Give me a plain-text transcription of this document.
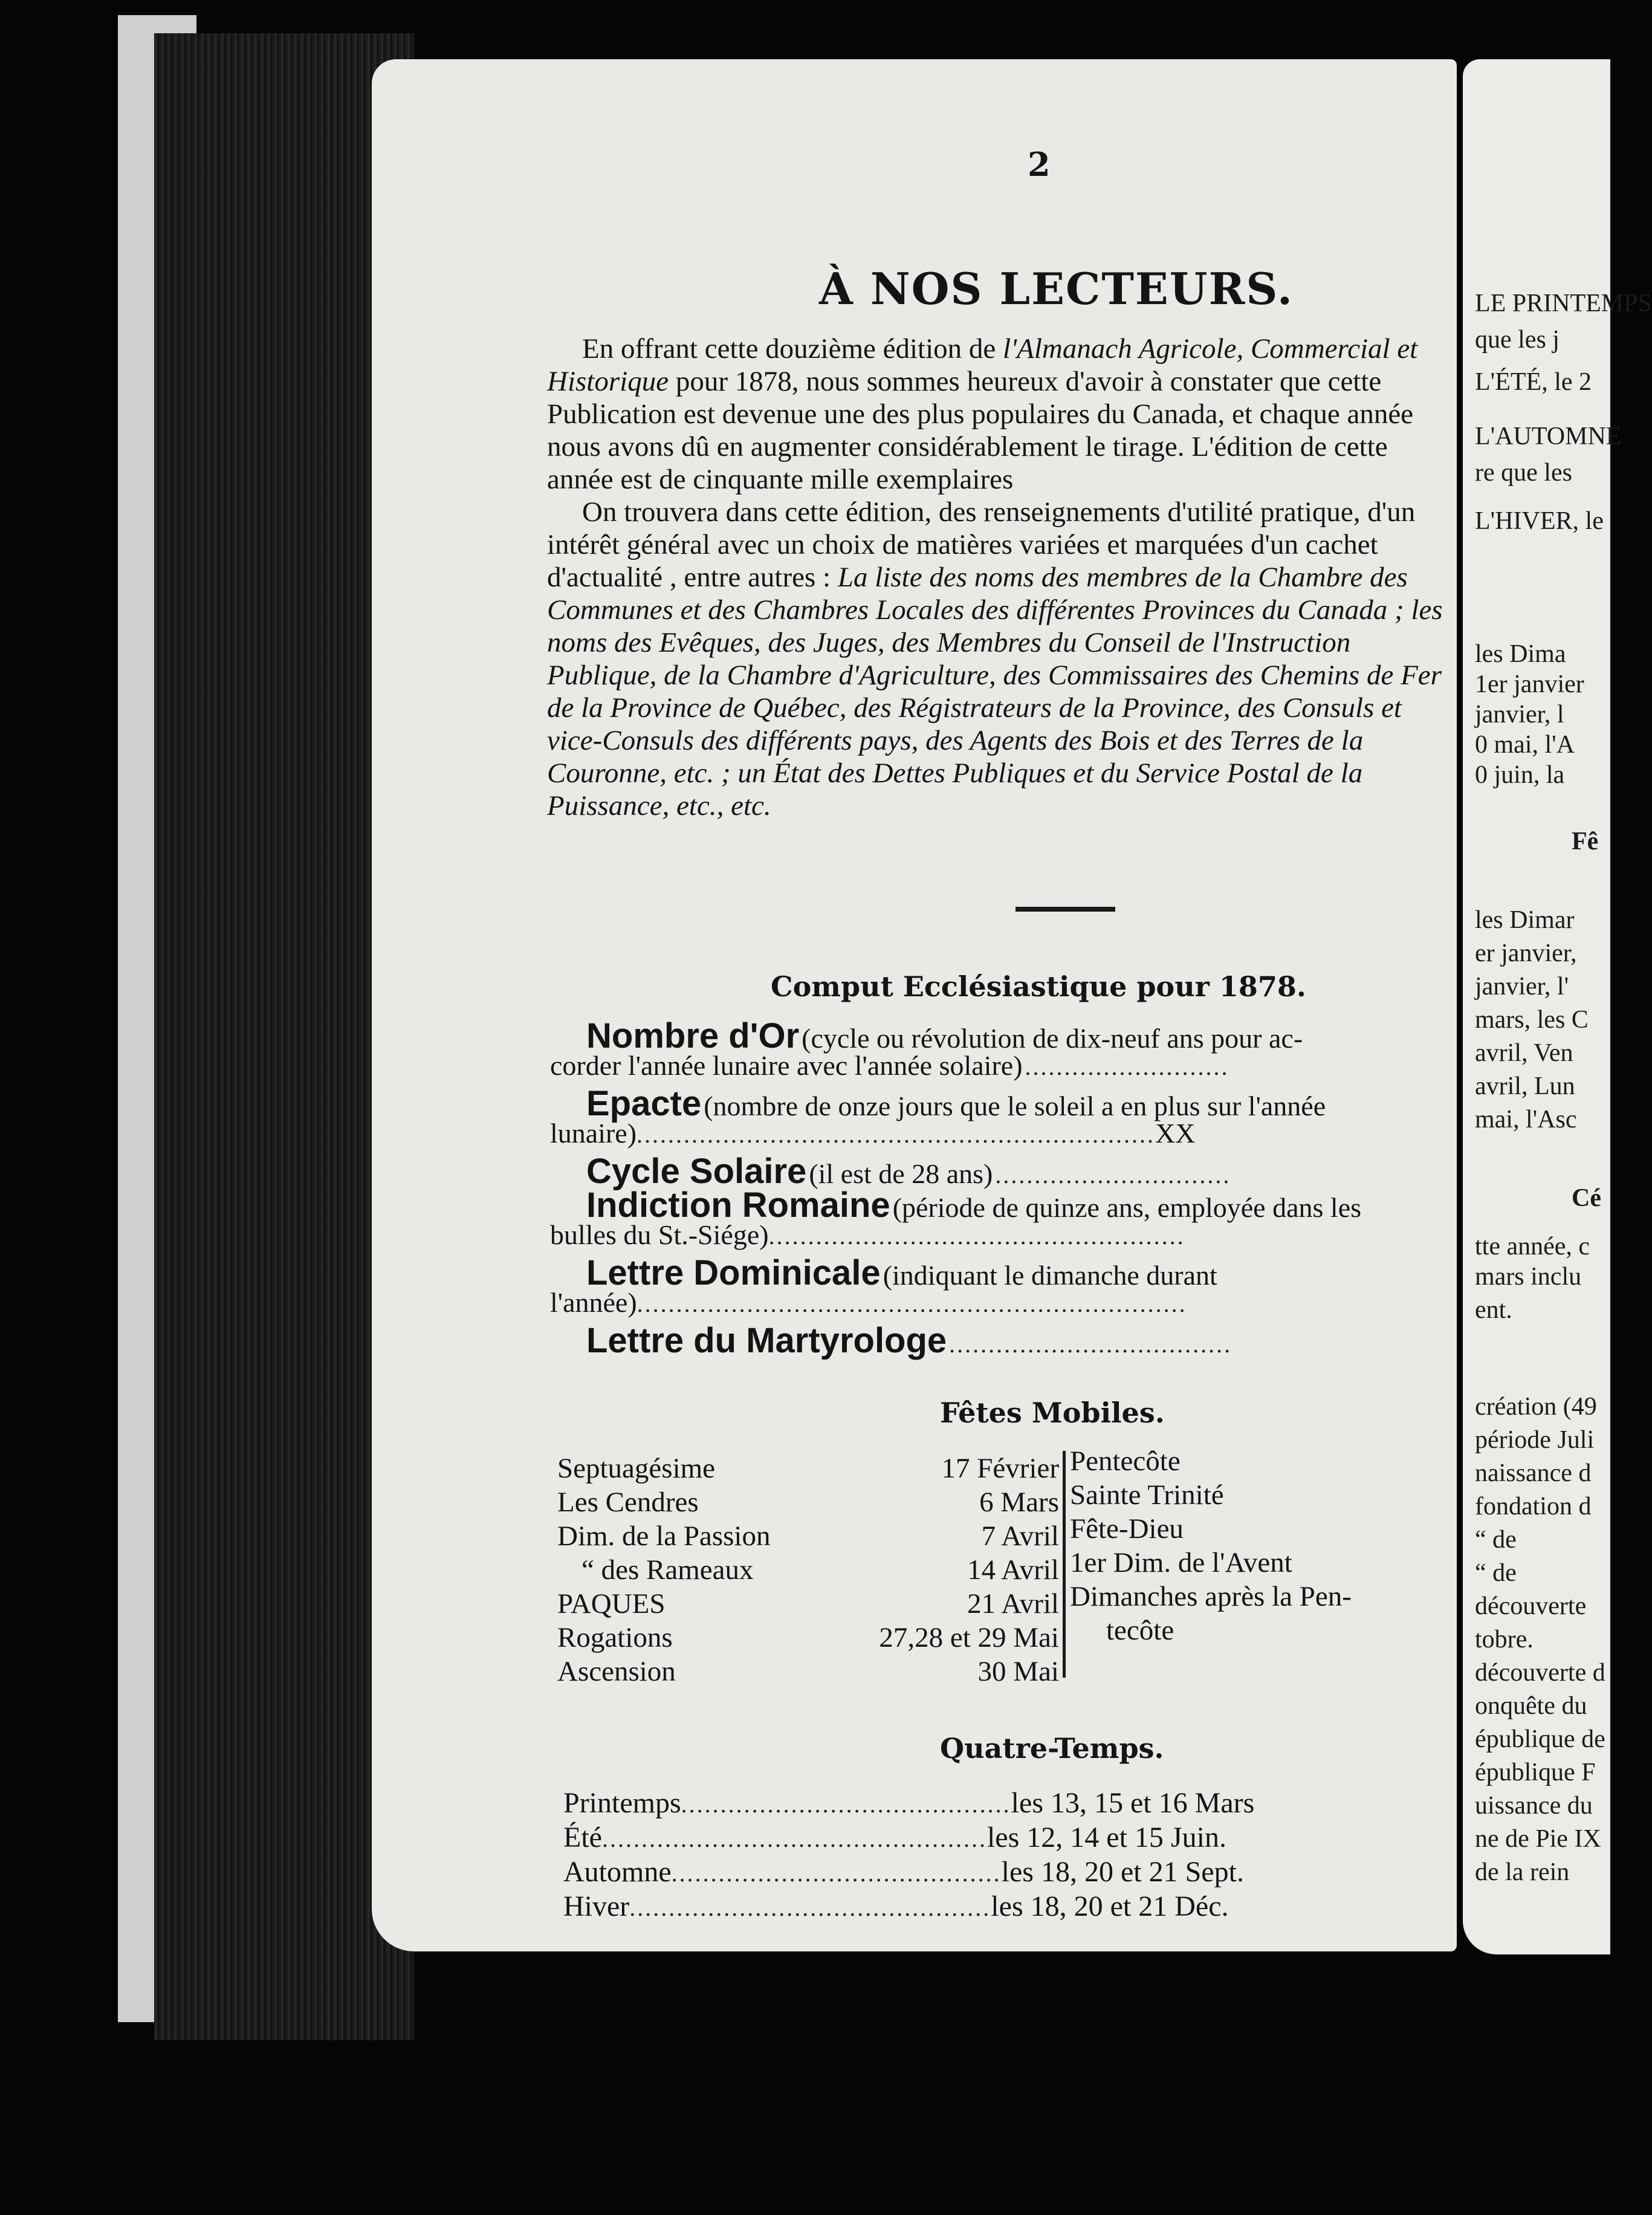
LE PRINTEMPS
que les j
L'ÉTÉ, le 2
L'AUTOMNE
re que les
L'HIVER, le
les Dima
1er janvier
janvier, l
0 mai, l'A
0 juin, la
Fê
les Dimar
er janvier,
janvier, l'
mars, les C
avril, Ven
avril, Lun
mai, l'Asc
Cé
tte année, c
mars inclu
ent.
création (49
période Juli
naissance d
fondation d
“ de
“ de
découverte
tobre.
découverte d
onquête du
épublique de
épublique F
uissance du
ne de Pie IX
de la rein
2
À NOS LECTEURS.

En offrant cette douzième édition de l'Almanach Agricole, Commercial et Historique pour 1878, nous sommes heureux d'avoir à constater que cette Publication est devenue une des plus populaires du Canada, et chaque année nous avons dû en augmenter considérablement le tirage. L'édition de cette année est de cinquante mille exemplaires

On trouvera dans cette édition, des renseignements d'utilité pratique, d'un intérêt général avec un choix de matières variées et marquées d'un cachet d'actualité , entre autres : La liste des noms des membres de la Chambre des Communes et des Chambres Locales des différentes Provinces du Canada ; les noms des Evêques, des Juges, des Membres du Conseil de l'Instruction Publique, de la Chambre d'Agriculture, des Commissaires des Chemins de Fer de la Province de Québec, des Régistrateurs de la Province, des Consuls et vice-Consuls des différents pays, des Agents des Bois et des Terres de la Couronne, etc. ; un État des Dettes Publiques et du Service Postal de la Puissance, etc., etc.

Comput Ecclésiastique pour 1878.
Nombre d'Or (cycle ou révolution de dix-neuf ans pour ac-
corder l'année lunaire avec l'année solaire) ..........................
Epacte (nombre de onze jours que le soleil a en plus sur l'année
lunaire)..................................................................XX
Cycle Solaire (il est de 28 ans) ..............................
Indiction Romaine (période de quinze ans, employée dans les
bulles du St.-Siége).....................................................
Lettre Dominicale (indiquant le dimanche durant
l'année)......................................................................
Lettre du Martyrologe ....................................
Fêtes Mobiles.
Septuagésime	17 Février
Les Cendres	6 Mars
Dim. de la Passion	7 Avril
“ des Rameaux	14 Avril
PAQUES	21 Avril
Rogations	27,28 et 29 Mai
Ascension	30 Mai
Pentecôte
Sainte Trinité
Fête-Dieu
1er Dim. de l'Avent
Dimanches après la Pen-
tecôte
Quatre-Temps.
Printemps..........................................les 13, 15 et 16 Mars
Été.................................................les 12, 14 et 15 Juin.
Automne..........................................les 18, 20 et 21 Sept.
Hiver..............................................les 18, 20 et 21 Déc.
